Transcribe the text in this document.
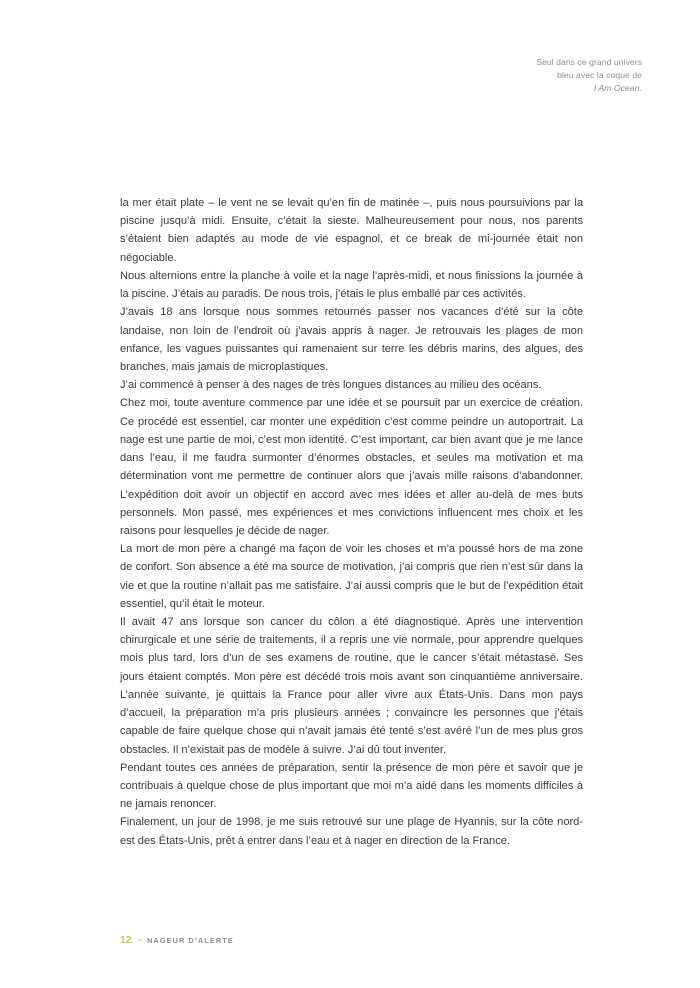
Seul dans ce grand univers
bleu avec la coque de
I Am Ocean.

la mer était plate – le vent ne se levait qu’en fin de matinée –, puis nous poursuivions par la piscine jusqu’à midi. Ensuite, c’était la sieste. Malheureusement pour nous, nos parents s’étaient bien adaptés au mode de vie espagnol, et ce break de mi-journée était non négociable.

Nous alternions entre la planche à voile et la nage l’après-midi, et nous finissions la journée à la piscine. J’étais au paradis. De nous trois, j’étais le plus emballé par ces activités.

J’avais 18 ans lorsque nous sommes retournés passer nos vacances d’été sur la côte landaise, non loin de l’endroit où j’avais appris à nager. Je retrouvais les plages de mon enfance, les vagues puissantes qui ramenaient sur terre les débris marins, des algues, des branches, mais jamais de microplastiques.

J’ai commencé à penser à des nages de très longues distances au milieu des océans.

Chez moi, toute aventure commence par une idée et se poursuit par un exercice de création. Ce procédé est essentiel, car monter une expédition c’est comme peindre un autoportrait. La nage est une partie de moi, c’est mon identité. C’est important, car bien avant que je me lance dans l’eau, il me faudra surmonter d’énormes obstacles, et seules ma motivation et ma détermination vont me permettre de continuer alors que j’avais mille raisons d’abandonner. L’expédition doit avoir un objectif en accord avec mes idées et aller au-delà de mes buts personnels. Mon passé, mes expériences et mes convictions influencent mes choix et les raisons pour lesquelles je décide de nager.

La mort de mon père a changé ma façon de voir les choses et m’a poussé hors de ma zone de confort. Son absence a été ma source de motivation, j’ai compris que rien n’est sûr dans la vie et que la routine n’allait pas me satisfaire. J’ai aussi compris que le but de l’expédition était essentiel, qu’il était le moteur.

Il avait 47 ans lorsque son cancer du côlon a été diagnostiqué. Après une intervention chirurgicale et une série de traitements, il a repris une vie normale, pour apprendre quelques mois plus tard, lors d’un de ses examens de routine, que le cancer s’était métastasé. Ses jours étaient comptés. Mon père est décédé trois mois avant son cinquantième anniversaire. L’année suivante, je quittais la France pour aller vivre aux États-Unis. Dans mon pays d’accueil, la préparation m’a pris plusieurs années ; convaincre les personnes que j’étais capable de faire quelque chose qui n’avait jamais été tenté s’est avéré l’un de mes plus gros obstacles. Il n’existait pas de modèle à suivre. J’ai dû tout inventer.

Pendant toutes ces années de préparation, sentir la présence de mon père et savoir que je contribuais à quelque chose de plus important que moi m’a aidé dans les moments difficiles à ne jamais renoncer.

Finalement, un jour de 1998, je me suis retrouvé sur une plage de Hyannis, sur la côte nord-est des États-Unis, prêt à entrer dans l’eau et à nager en direction de la France.

12 ~ NAGEUR D’ALERTE
